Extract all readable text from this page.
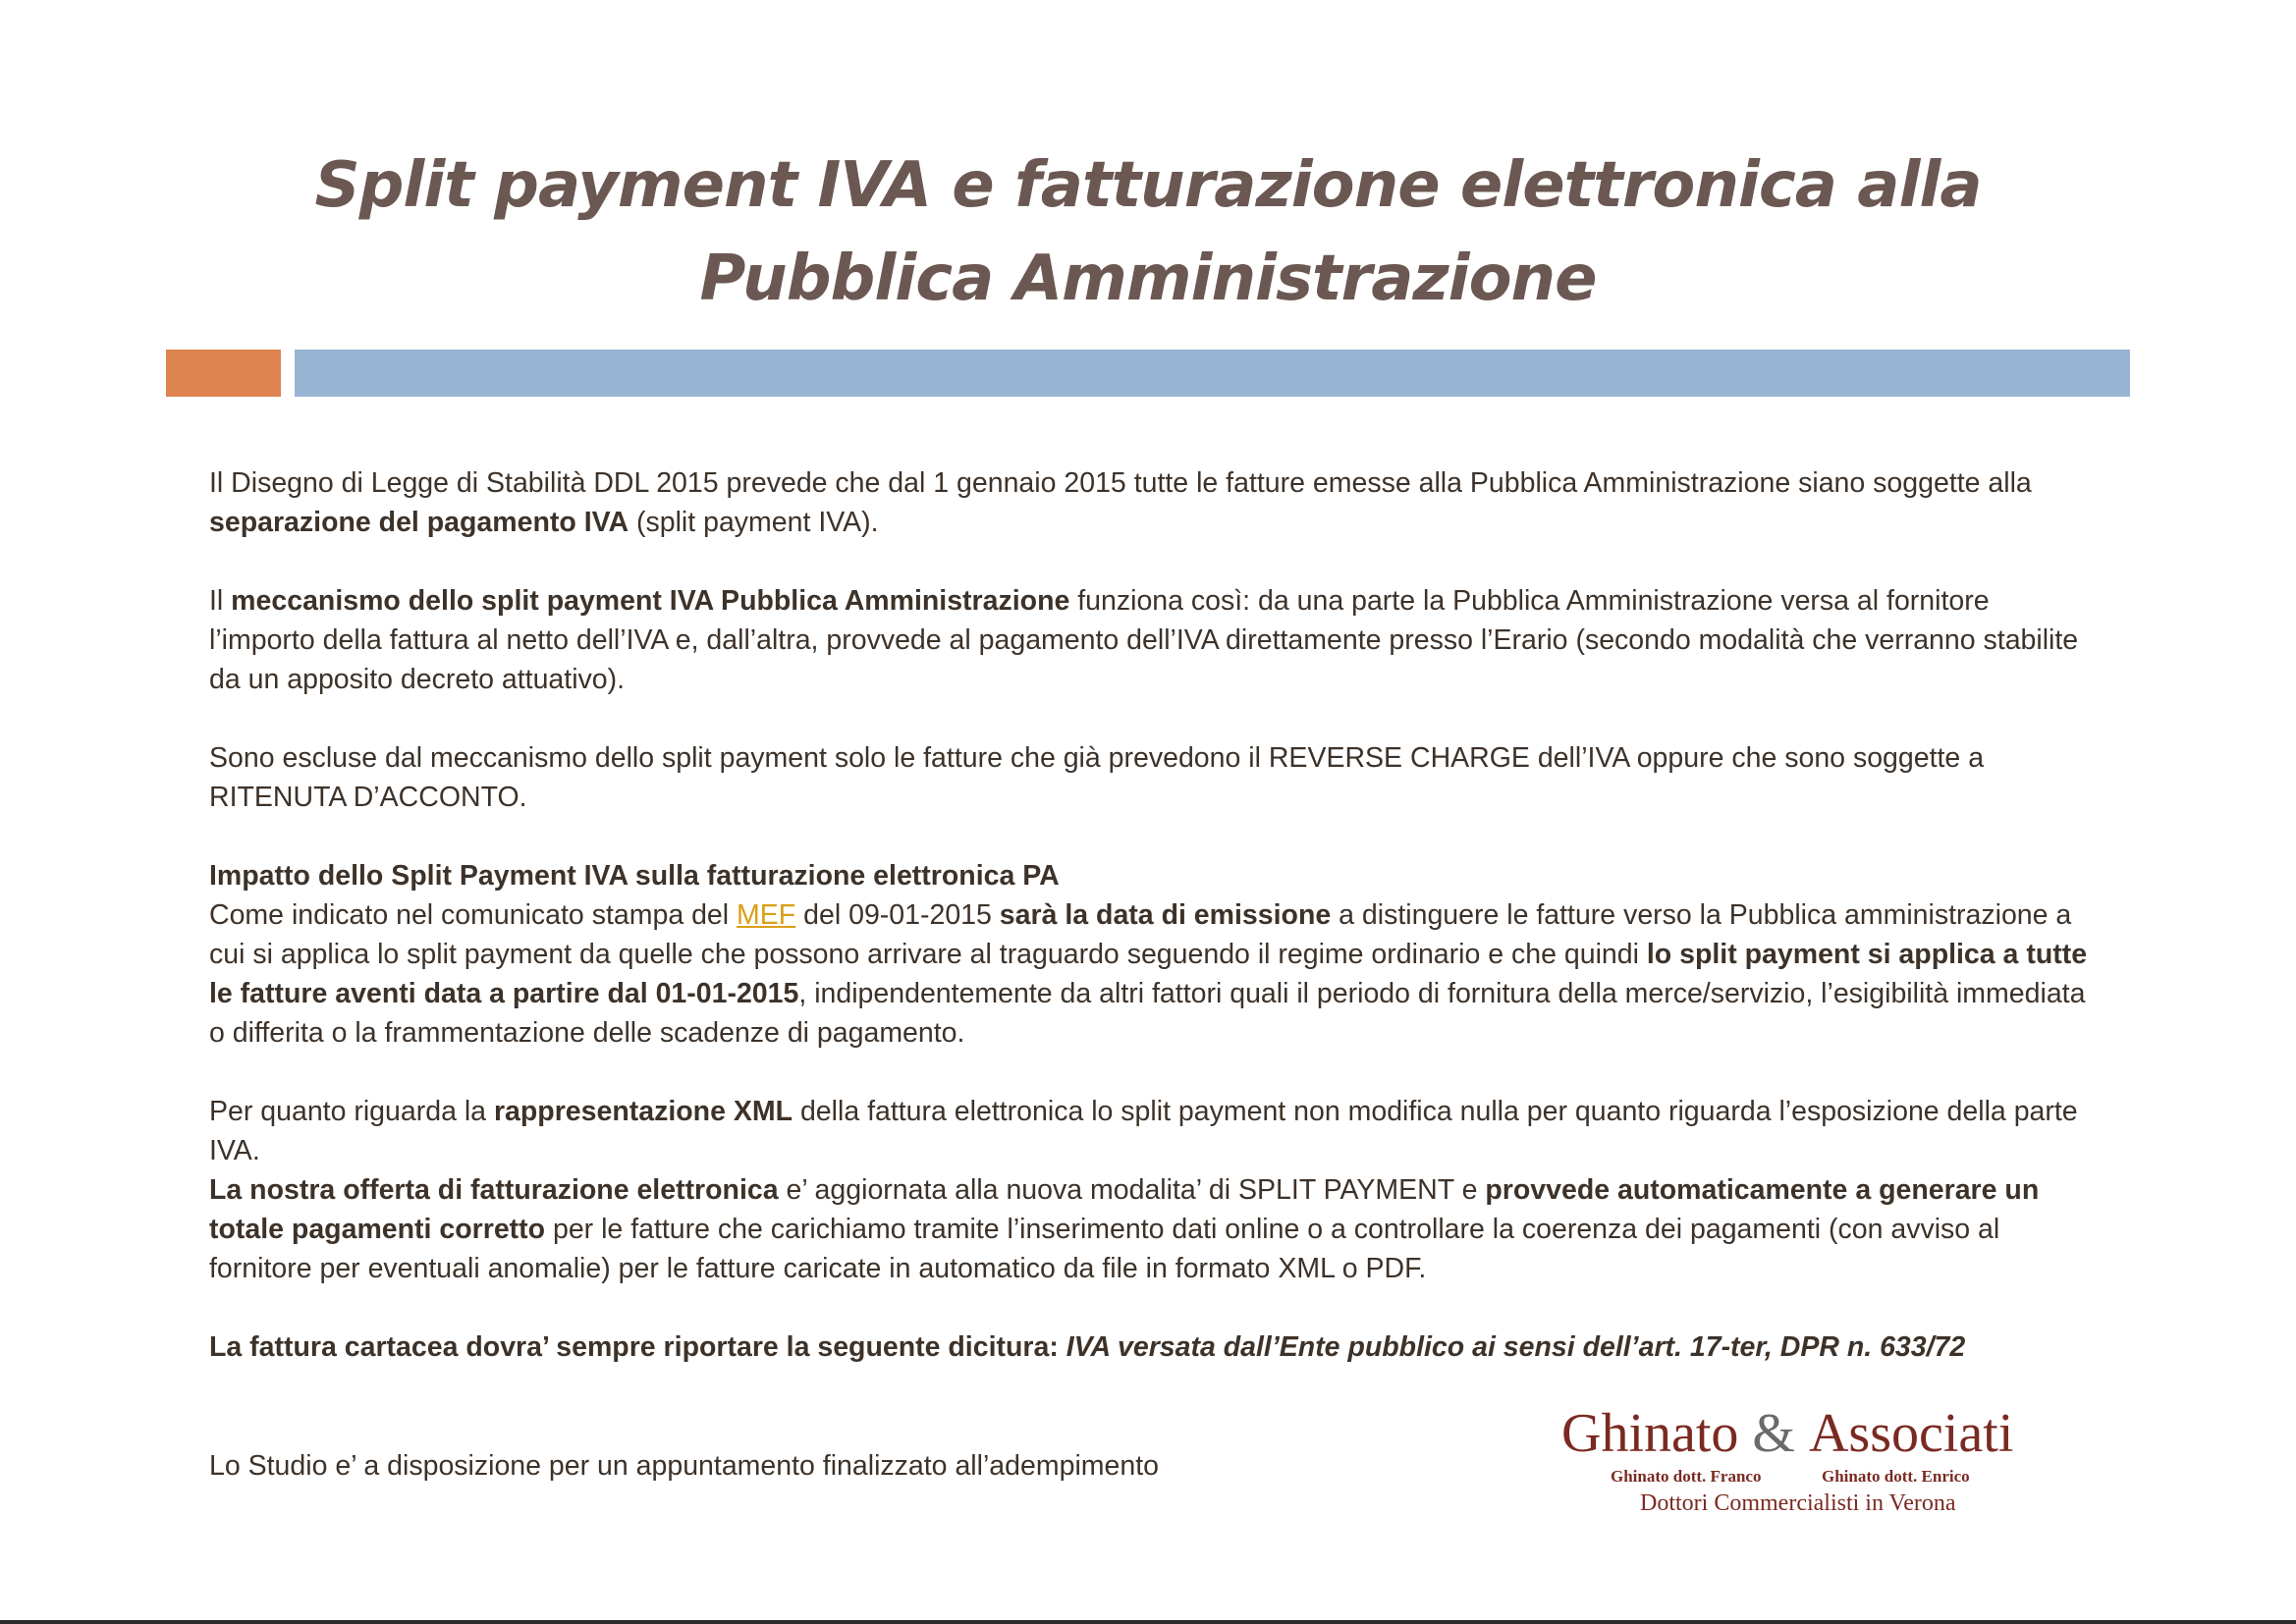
Split payment IVA e fatturazione elettronica alla
Pubblica Amministrazione

Il Disegno di Legge di Stabilità DDL 2015 prevede che dal 1 gennaio 2015 tutte le fatture emesse alla Pubblica Amministrazione siano soggette alla separazione del pagamento IVA (split payment IVA).

Il meccanismo dello split payment IVA Pubblica Amministrazione funziona così: da una parte la Pubblica Amministrazione versa al fornitore l’importo della fattura al netto dell’IVA e, dall’altra, provvede al pagamento dell’IVA direttamente presso l’Erario (secondo modalità che verranno stabilite da un apposito decreto attuativo).

Sono escluse dal meccanismo dello split payment solo le fatture che già prevedono il REVERSE CHARGE dell’IVA oppure che sono soggette a RITENUTA D’ACCONTO.

Impatto dello Split Payment IVA sulla fatturazione elettronica PA
Come indicato nel comunicato stampa del MEF del 09-01-2015 sarà la data di emissione a distinguere le fatture verso la Pubblica amministrazione a cui si applica lo split payment da quelle che possono arrivare al traguardo seguendo il regime ordinario e che quindi lo split payment si applica a tutte le fatture aventi data a partire dal 01-01-2015, indipendentemente da altri fattori quali il periodo di fornitura della merce/servizio, l’esigibilità immediata o differita o la frammentazione delle scadenze di pagamento.

Per quanto riguarda la rappresentazione XML della fattura elettronica lo split payment non modifica nulla per quanto riguarda l’esposizione della parte IVA.

La nostra offerta di fatturazione elettronica e’ aggiornata alla nuova modalita’ di SPLIT PAYMENT e provvede automaticamente a generare un totale pagamenti corretto per le fatture che carichiamo tramite l’inserimento dati online o a controllare la coerenza dei pagamenti (con avviso al fornitore per eventuali anomalie) per le fatture caricate in automatico da file in formato XML o PDF.

La fattura cartacea dovra’ sempre riportare la seguente dicitura: IVA versata dall’Ente pubblico ai sensi dell’art. 17-ter, DPR n. 633/72

Lo Studio e’ a disposizione per un appuntamento finalizzato all’adempimento
Ghinato & Associati
Ghinato dott. Franco	Ghinato dott. Enrico
Dottori Commercialisti in Verona
